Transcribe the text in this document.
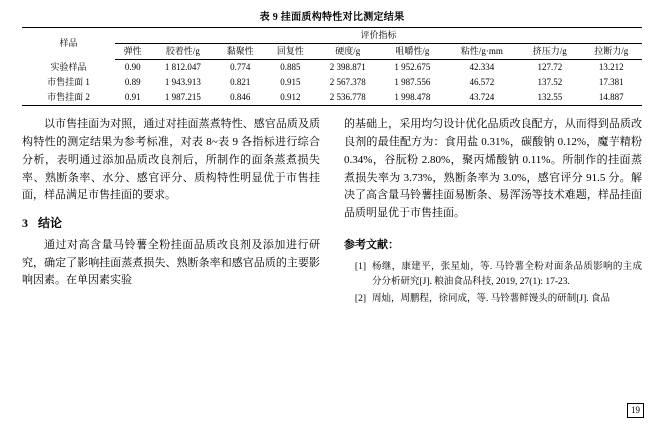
表 9 挂面质构特性对比测定结果
样品	评价指标								
	弹性	胶着性/g	黏聚性	回复性	硬度/g	咀嚼性/g	粘性/g·mm	挤压力/g	拉断力/g
实验样品	0.90	1 812.047	0.774	0.885	2 398.871	1 952.675	42.334	127.72	13.212
市售挂面 1	0.89	1 943.913	0.821	0.915	2 567.378	1 987.556	46.572	137.52	17.381
市售挂面 2	0.91	1 987.215	0.846	0.912	2 536.778	1 998.478	43.724	132.55	14.887

以市售挂面为对照，通过对挂面蒸煮特性、感官品质及质构特性的测定结果为参考标准，对表 8~表 9 各指标进行综合分析，表明通过添加品质改良剂后，所制作的面条蒸煮损失率、熟断条率、水分、感官评分、质构特性明显优于市售挂面，样品满足市售挂面的要求。

3 结论

通过对高含量马铃薯全粉挂面品质改良剂及添加进行研究，确定了影响挂面蒸煮损失、熟断条率和感官品质的主要影响因素。在单因素实验

的基础上，采用均匀设计优化品质改良配方，从而得到品质改良剂的最佳配方为：食用盐 0.31%，碳酸钠 0.12%，魔芋精粉 0.34%，谷朊粉 2.80%，聚丙烯酸钠 0.11%。所制作的挂面蒸煮损失率为 3.73%，熟断条率为 3.0%，感官评分 91.5 分。解决了高含量马铃薯挂面易断条、易浑汤等技术难题，样品挂面品质明显优于市售挂面。

参考文献：
[1] 杨继，康建平，张星灿，等. 马铃薯全粉对面条品质影响的主成分分析研究[J]. 粮油食品科技, 2019, 27(1): 17-23.
[2] 周灿，周鹏程，徐同成，等. 马铃薯鲜馒头的研制[J]. 食品
19
